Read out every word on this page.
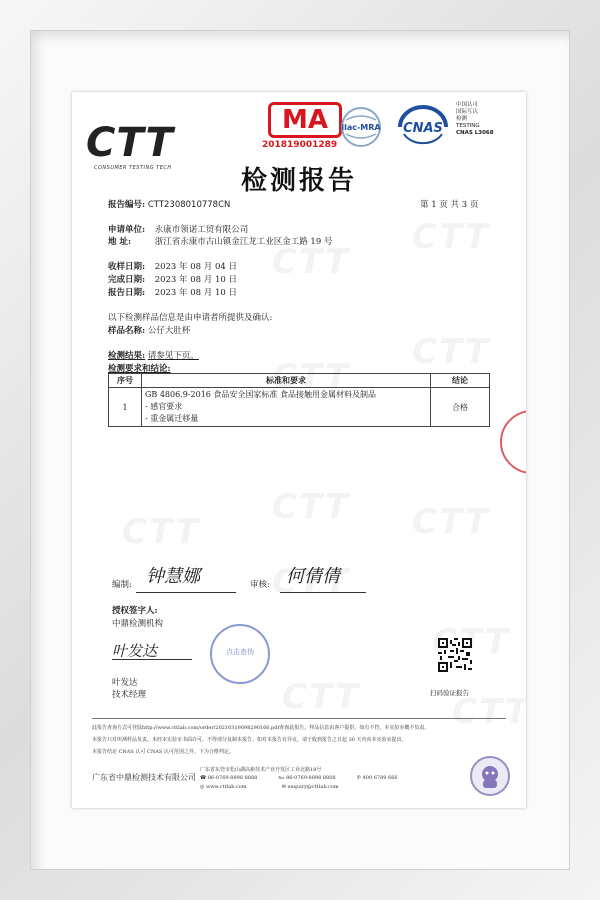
CTT
CONSUMER TESTING TECH
MA
201819001289
ilac-MRA CNAS
中国认可
国际互认
检测
TESTING
CNAS L3068
检测报告
报告编号: CTT2308010778CN	第 1 页 共 3 页
申请单位: 永康市领诺工贸有限公司
地 址:	浙江省永康市古山镇金江龙工业区金工路 19 号
收样日期: 2023 年 08 月 04 日
完成日期: 2023 年 08 月 10 日
报告日期: 2023 年 08 月 10 日
以下检测样品信息是由申请者所提供及确认:
样品名称: 公仔大肚杯
检测结果: 请参见下页。
检测要求和结论:
序号	标准和要求	结论
1	GB 4806.9-2016 食品安全国家标准 食品接触用金属材料及制品
- 感官要求
- 重金属迁移量	合格
编制: 钟慧娜	审核: 何倩倩
授权签字人:
中鼎检测机构
叶发达
叶发达
技术经理
点击查伪
扫码验证报告
此报告查询方式可登陆http://www.cttlab.com/order/20210319098290166.pdf查询此报告。样品信息由客户提供，如有不符，本实验室概不负责。
本报告只对所测样品负责。未经本实验室书面许可，不得部分复制本报告。如对本报告有异议，请于收到报告之日起 30 天内向本实验室提出。
本报告结论 CNAS 认可 CNAS 认可范围之外。下为合格判定。
广东省中鼎检测技术有限公司
广东省东莞市松山湖高新技术产业开发区工业北路18号
☎ 86-0769-8898 8888	℻ 86-0769-8898 8808	✆ 400 6789 666
◎ www.cttlab.com	✉ enquiry@cttlab.com
